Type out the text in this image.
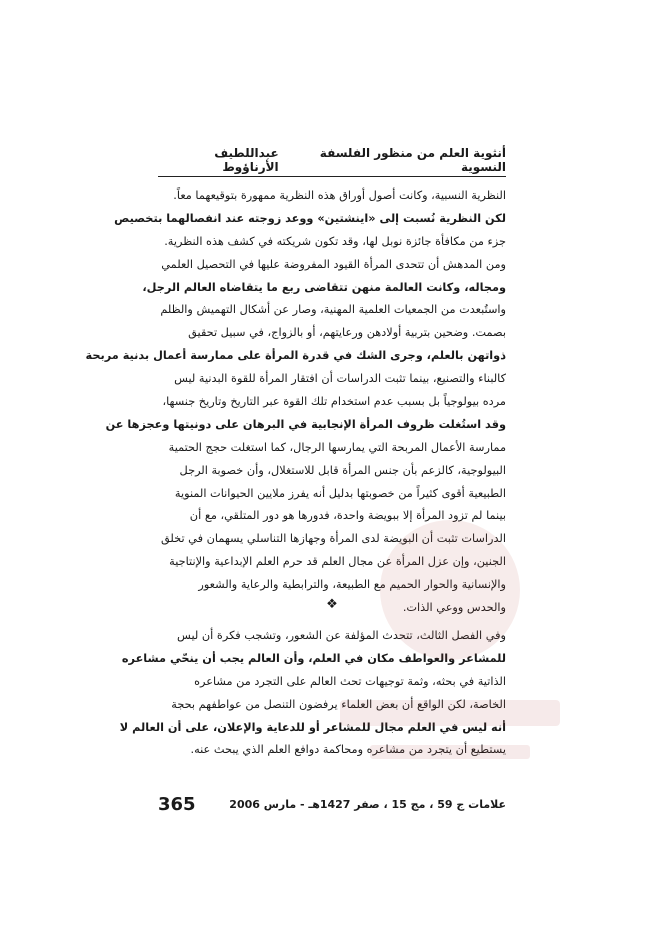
أنثوية العلم من منظور الفلسفة النسوية
عبداللطيف الأرناؤوط
النظرية النسبية، وكانت أصول أوراق هذه النظرية ممهورة بتوقيعهما معاً.
لكن النظرية نُسبت إلى «اينشتين» ووعد زوجته عند انفصالهما بتخصيص
جزء من مكافأة جائزة نوبل لها، وقد تكون شريكته في كشف هذه النظرية.
ومن المدهش أن تتحدى المرأة القيود المفروضة عليها في التحصيل العلمي
ومجاله، وكانت العالمة منهن تتقاضى ربع ما يتقاضاه العالم الرجل،
واستُبعدت من الجمعيات العلمية المهنية، وصار عن أشكال التهميش والظلم
بصمت. وضحين بتربية أولادهن ورعايتهم، أو بالزواج، في سبيل تحقيق
ذواتهن بالعلم، وجرى الشك في قدرة المرأة على ممارسة أعمال بدنية مربحة
كالبناء والتصنيع، بينما تثبت الدراسات أن افتقار المرأة للقوة البدنية ليس
مرده بيولوجياً بل بسبب عدم استخدام تلك القوة عبر التاريخ وتاريخ جنسها،
وقد استُغلت ظروف المرأة الإنجابية في البرهان على دونيتها وعجزها عن
ممارسة الأعمال المربحة التي يمارسها الرجال، كما استغلت حجج الحتمية
البيولوجية، كالزعم بأن جنس المرأة قابل للاستغلال، وأن خصوبة الرجل
الطبيعية أقوى كثيراً من خصوبتها بدليل أنه يفرز ملايين الحيوانات المنوية
بينما لم تزود المرأة إلا ببويضة واحدة، فدورها هو دور المتلقي، مع أن
الدراسات تثبت أن البويضة لدى المرأة وجهازها التناسلي يسهمان في تخلق
الجنين، وإن عزل المرأة عن مجال العلم قد حرم العلم الإبداعية والإنتاجية
والإنسانية والحوار الحميم مع الطبيعة، والترابطية والرعاية والشعور
والحدس ووعي الذات.
❖
وفي الفصل الثالث، تتحدث المؤلفة عن الشعور، وتشجب فكرة أن ليس
للمشاعر والعواطف مكان في العلم، وأن العالم يجب أن ينحّي مشاعره
الذاتية في بحثه، وثمة توجيهات تحث العالم على التجرد من مشاعره
الخاصة، لكن الواقع أن بعض العلماء يرفضون التنصل من عواطفهم بحجة
أنه ليس في العلم مجال للمشاعر أو للدعاية والإعلان، على أن العالم لا
يستطيع أن يتجرد من مشاعره ومحاكمة دوافع العلم الذي يبحث عنه.
365	علامات ج 59 ، مج 15 ، صفر 1427هـ - مارس 2006
